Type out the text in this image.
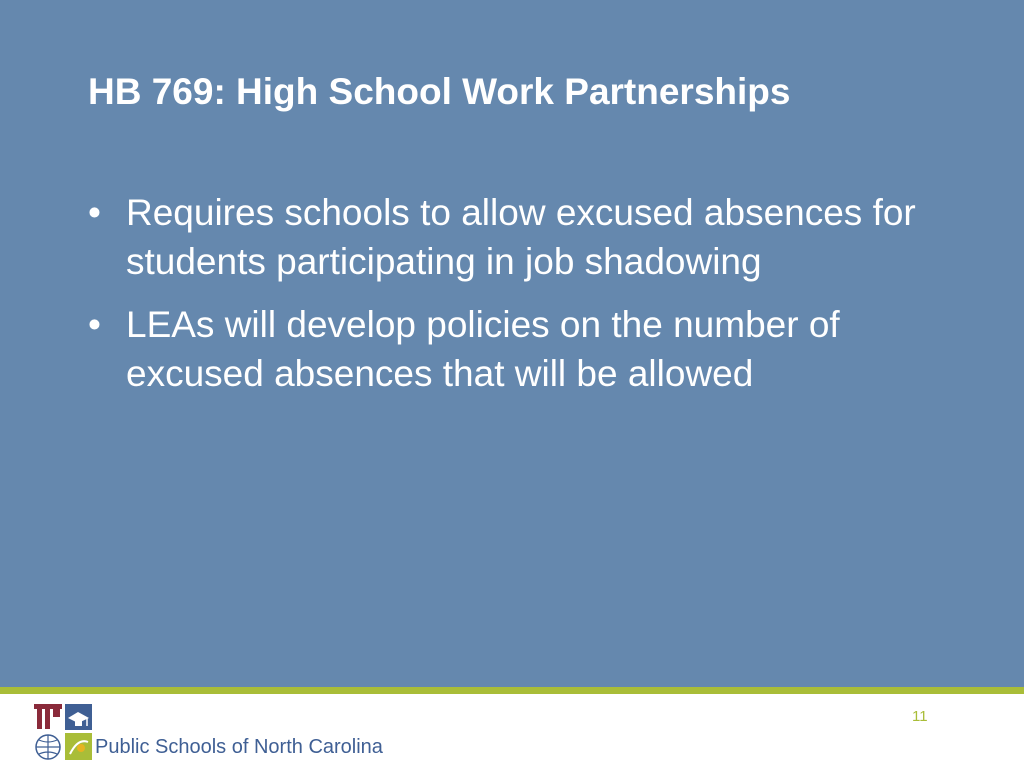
HB 769: High School Work Partnerships
• Requires schools to allow excused absences for students participating in job shadowing
• LEAs will develop policies on the number of excused absences that will be allowed
Public Schools of North Carolina
11
